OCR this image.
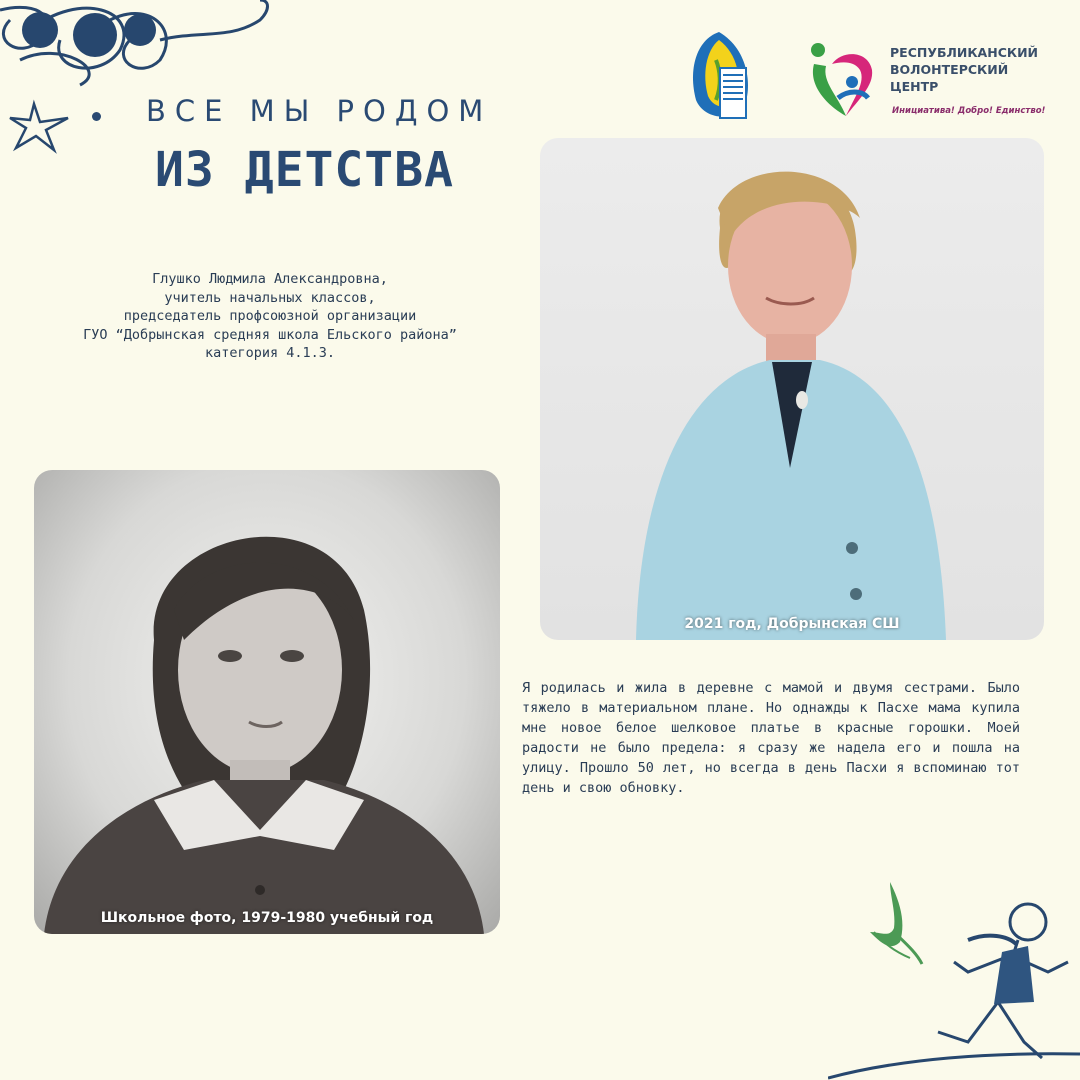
ВСЕ МЫ РОДОМ
ИЗ ДЕТСТВА
Глушко Людмила Александровна,
учитель начальных классов,
председатель профсоюзной организации
ГУО “Добрынская средняя школа Ельского района”
категория 4.1.3.
РЕСПУБЛИКАНСКИЙ
ВОЛОНТЕРСКИЙ
ЦЕНТР
Инициатива! Добро! Единство!
Школьное фото, 1979-1980 учебный год
2021 год, Добрынская СШ
Я родилась и жила в деревне с мамой и двумя сестрами. Было тяжело в материальном плане. Но однажды к Пасхе мама купила мне новое белое шелковое платье в красные горошки. Моей радости не было предела: я сразу же надела его и пошла на улицу. Прошло 50 лет, но всегда в день Пасхи я вспоминаю тот день и свою обновку.
